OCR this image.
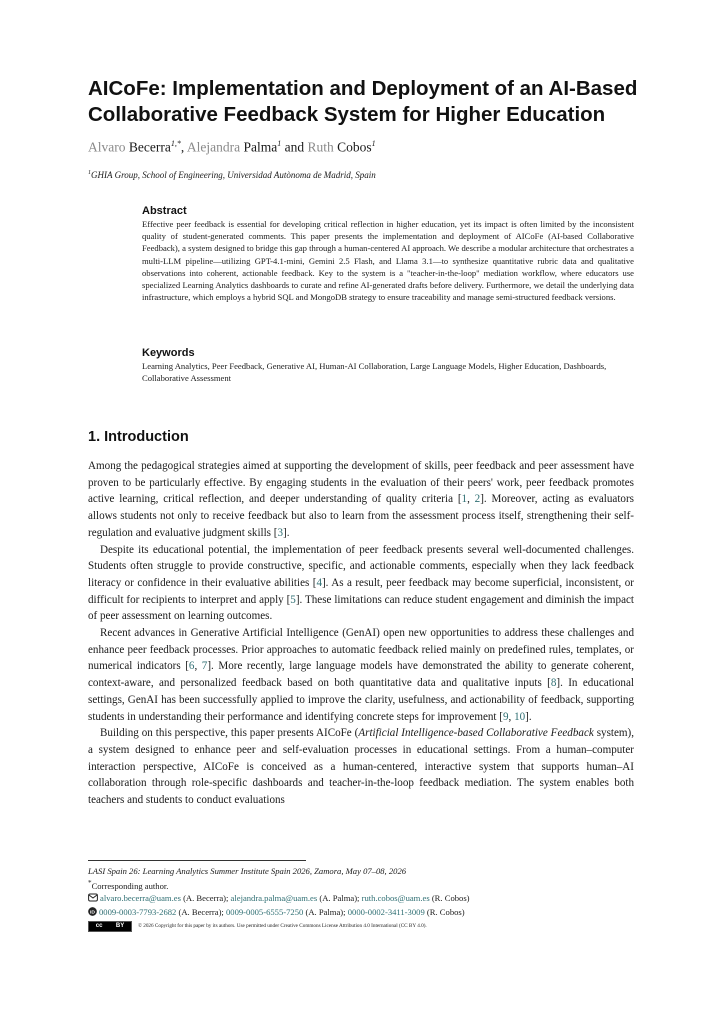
AICoFe: Implementation and Deployment of an AI-Based Collaborative Feedback System for Higher Education
Alvaro Becerra$^{1,*}$, Alejandra Palma$^1$ and Ruth Cobos$^1$
$^1$GHIA Group, School of Engineering, Universidad Autònoma de Madrid, Spain
Abstract

Effective peer feedback is essential for developing critical reflection in higher education, yet its impact is often limited by the inconsistent quality of student-generated comments. This paper presents the implementation and deployment of AICoFe (AI-based Collaborative Feedback), a system designed to bridge this gap through a human-centered AI approach. We describe a modular architecture that orchestrates a multi-LLM pipeline—utilizing GPT-4.1-mini, Gemini 2.5 Flash, and Llama 3.1—to synthesize quantitative rubric data and qualitative observations into coherent, actionable feedback. Key to the system is a "teacher-in-the-loop" mediation workflow, where educators use specialized Learning Analytics dashboards to curate and refine AI-generated drafts before delivery. Furthermore, we detail the underlying data infrastructure, which employs a hybrid SQL and MongoDB strategy to ensure traceability and manage semi-structured feedback versions.

Keywords

Learning Analytics, Peer Feedback, Generative AI, Human-AI Collaboration, Large Language Models, Higher Education, Dashboards, Collaborative Assessment

1. Introduction

Among the pedagogical strategies aimed at supporting the development of skills, peer feedback and peer assessment have proven to be particularly effective. By engaging students in the evaluation of their peers' work, peer feedback promotes active learning, critical reflection, and deeper understanding of quality criteria [1, 2]. Moreover, acting as evaluators allows students not only to receive feedback but also to learn from the assessment process itself, strengthening their self-regulation and evaluative judgment skills [3].

Despite its educational potential, the implementation of peer feedback presents several well-documented challenges. Students often struggle to provide constructive, specific, and actionable comments, especially when they lack feedback literacy or confidence in their evaluative abilities [4]. As a result, peer feedback may become superficial, inconsistent, or difficult for recipients to interpret and apply [5]. These limitations can reduce student engagement and diminish the impact of peer assessment on learning outcomes.

Recent advances in Generative Artificial Intelligence (GenAI) open new opportunities to address these challenges and enhance peer feedback processes. Prior approaches to automatic feedback relied mainly on predefined rules, templates, or numerical indicators [6, 7]. More recently, large language models have demonstrated the ability to generate coherent, context-aware, and personalized feedback based on both quantitative data and qualitative inputs [8]. In educational settings, GenAI has been successfully applied to improve the clarity, usefulness, and actionability of feedback, supporting students in understanding their performance and identifying concrete steps for improvement [9, 10].

Building on this perspective, this paper presents AICoFe (Artificial Intelligence-based Collaborative Feedback system), a system designed to enhance peer and self-evaluation processes in educational settings. From a human–computer interaction perspective, AICoFe is conceived as a human-centered, interactive system that supports human–AI collaboration through role-specific dashboards and teacher-in-the-loop feedback mediation. The system enables both teachers and students to conduct evaluations

LASI Spain 26: Learning Analytics Summer Institute Spain 2026, Zamora, May 07–08, 2026
*Corresponding author.
alvaro.becerra@uam.es (A. Becerra); alejandra.palma@uam.es (A. Palma); ruth.cobos@uam.es (R. Cobos)
iD 0009-0003-7793-2682 (A. Becerra); 0009-0005-6555-7250 (A. Palma); 0000-0002-3411-3009 (R. Cobos)
cc BY	© 2026 Copyright for this paper by its authors. Use permitted under Creative Commons License Attribution 4.0 International (CC BY 4.0).
